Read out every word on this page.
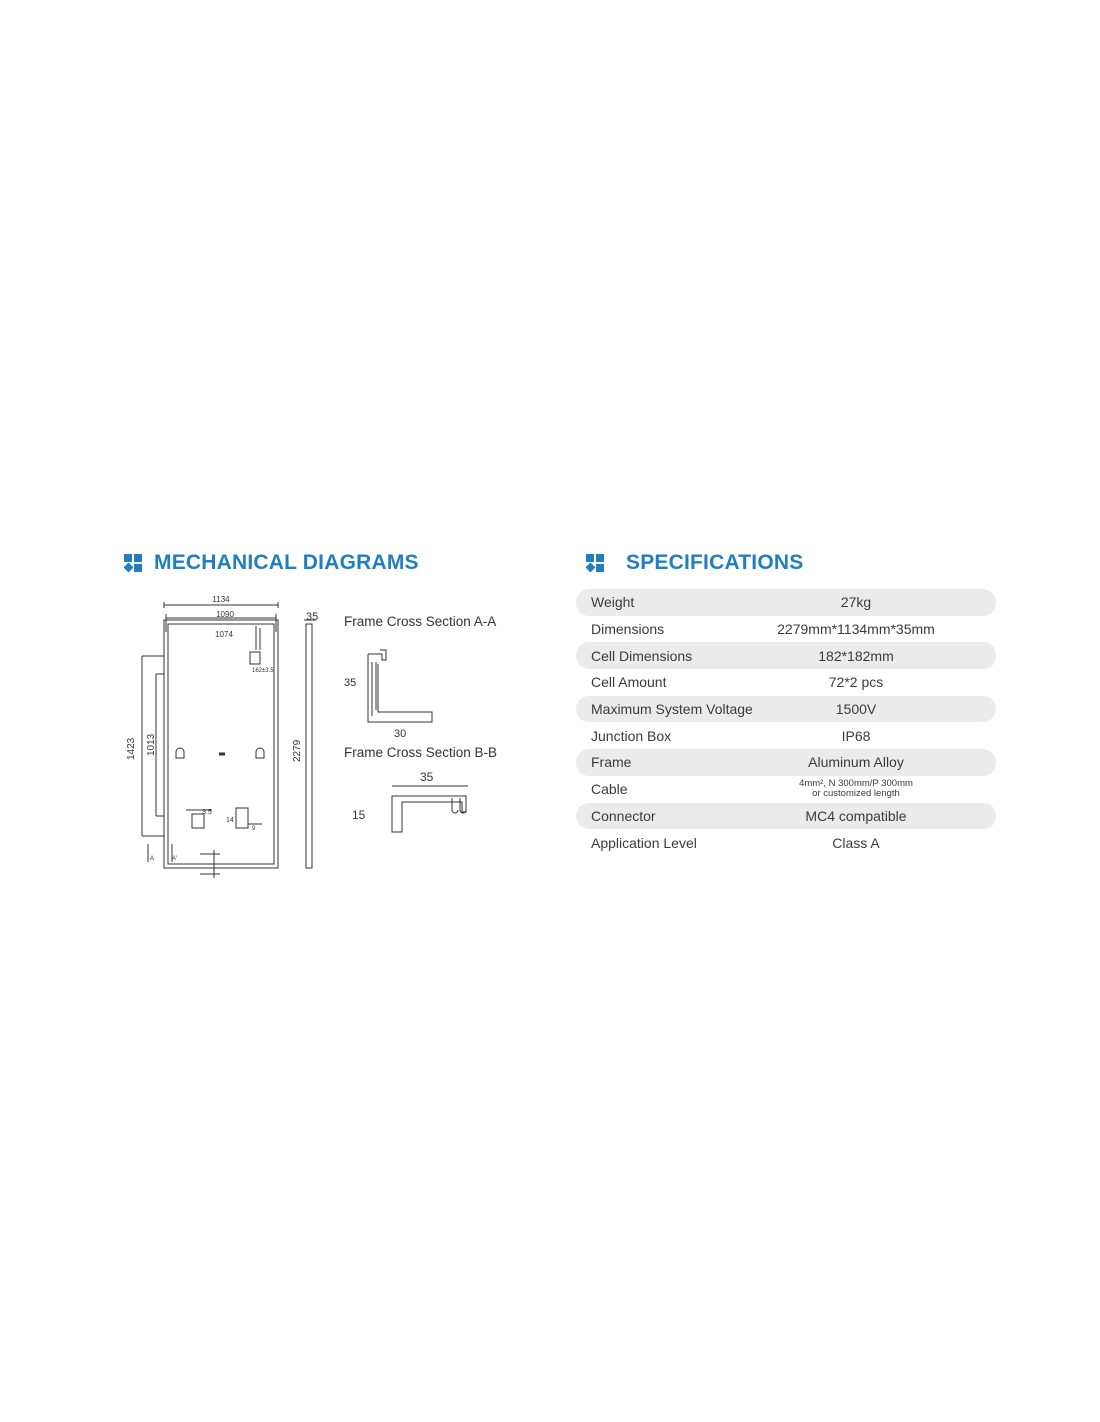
MECHANICAL DIAGRAMS	SPECIFICATIONS
1134
1090
1074
162±3.5
3.5
14
9
A	A'
1423 1013	2279
35 Frame Cross Section A-A
35
30
Frame Cross Section B-B
35
15
Weight	27kg
Dimensions	2279mm*1134mm*35mm
Cell Dimensions	182*182mm
Cell Amount	72*2 pcs
Maximum System Voltage	1500V
Junction Box	IP68
Frame	Aluminum Alloy
Cable	4mm², N 300mm/P 300mm
or customized length
Connector	MC4 compatible
Application Level	Class A
